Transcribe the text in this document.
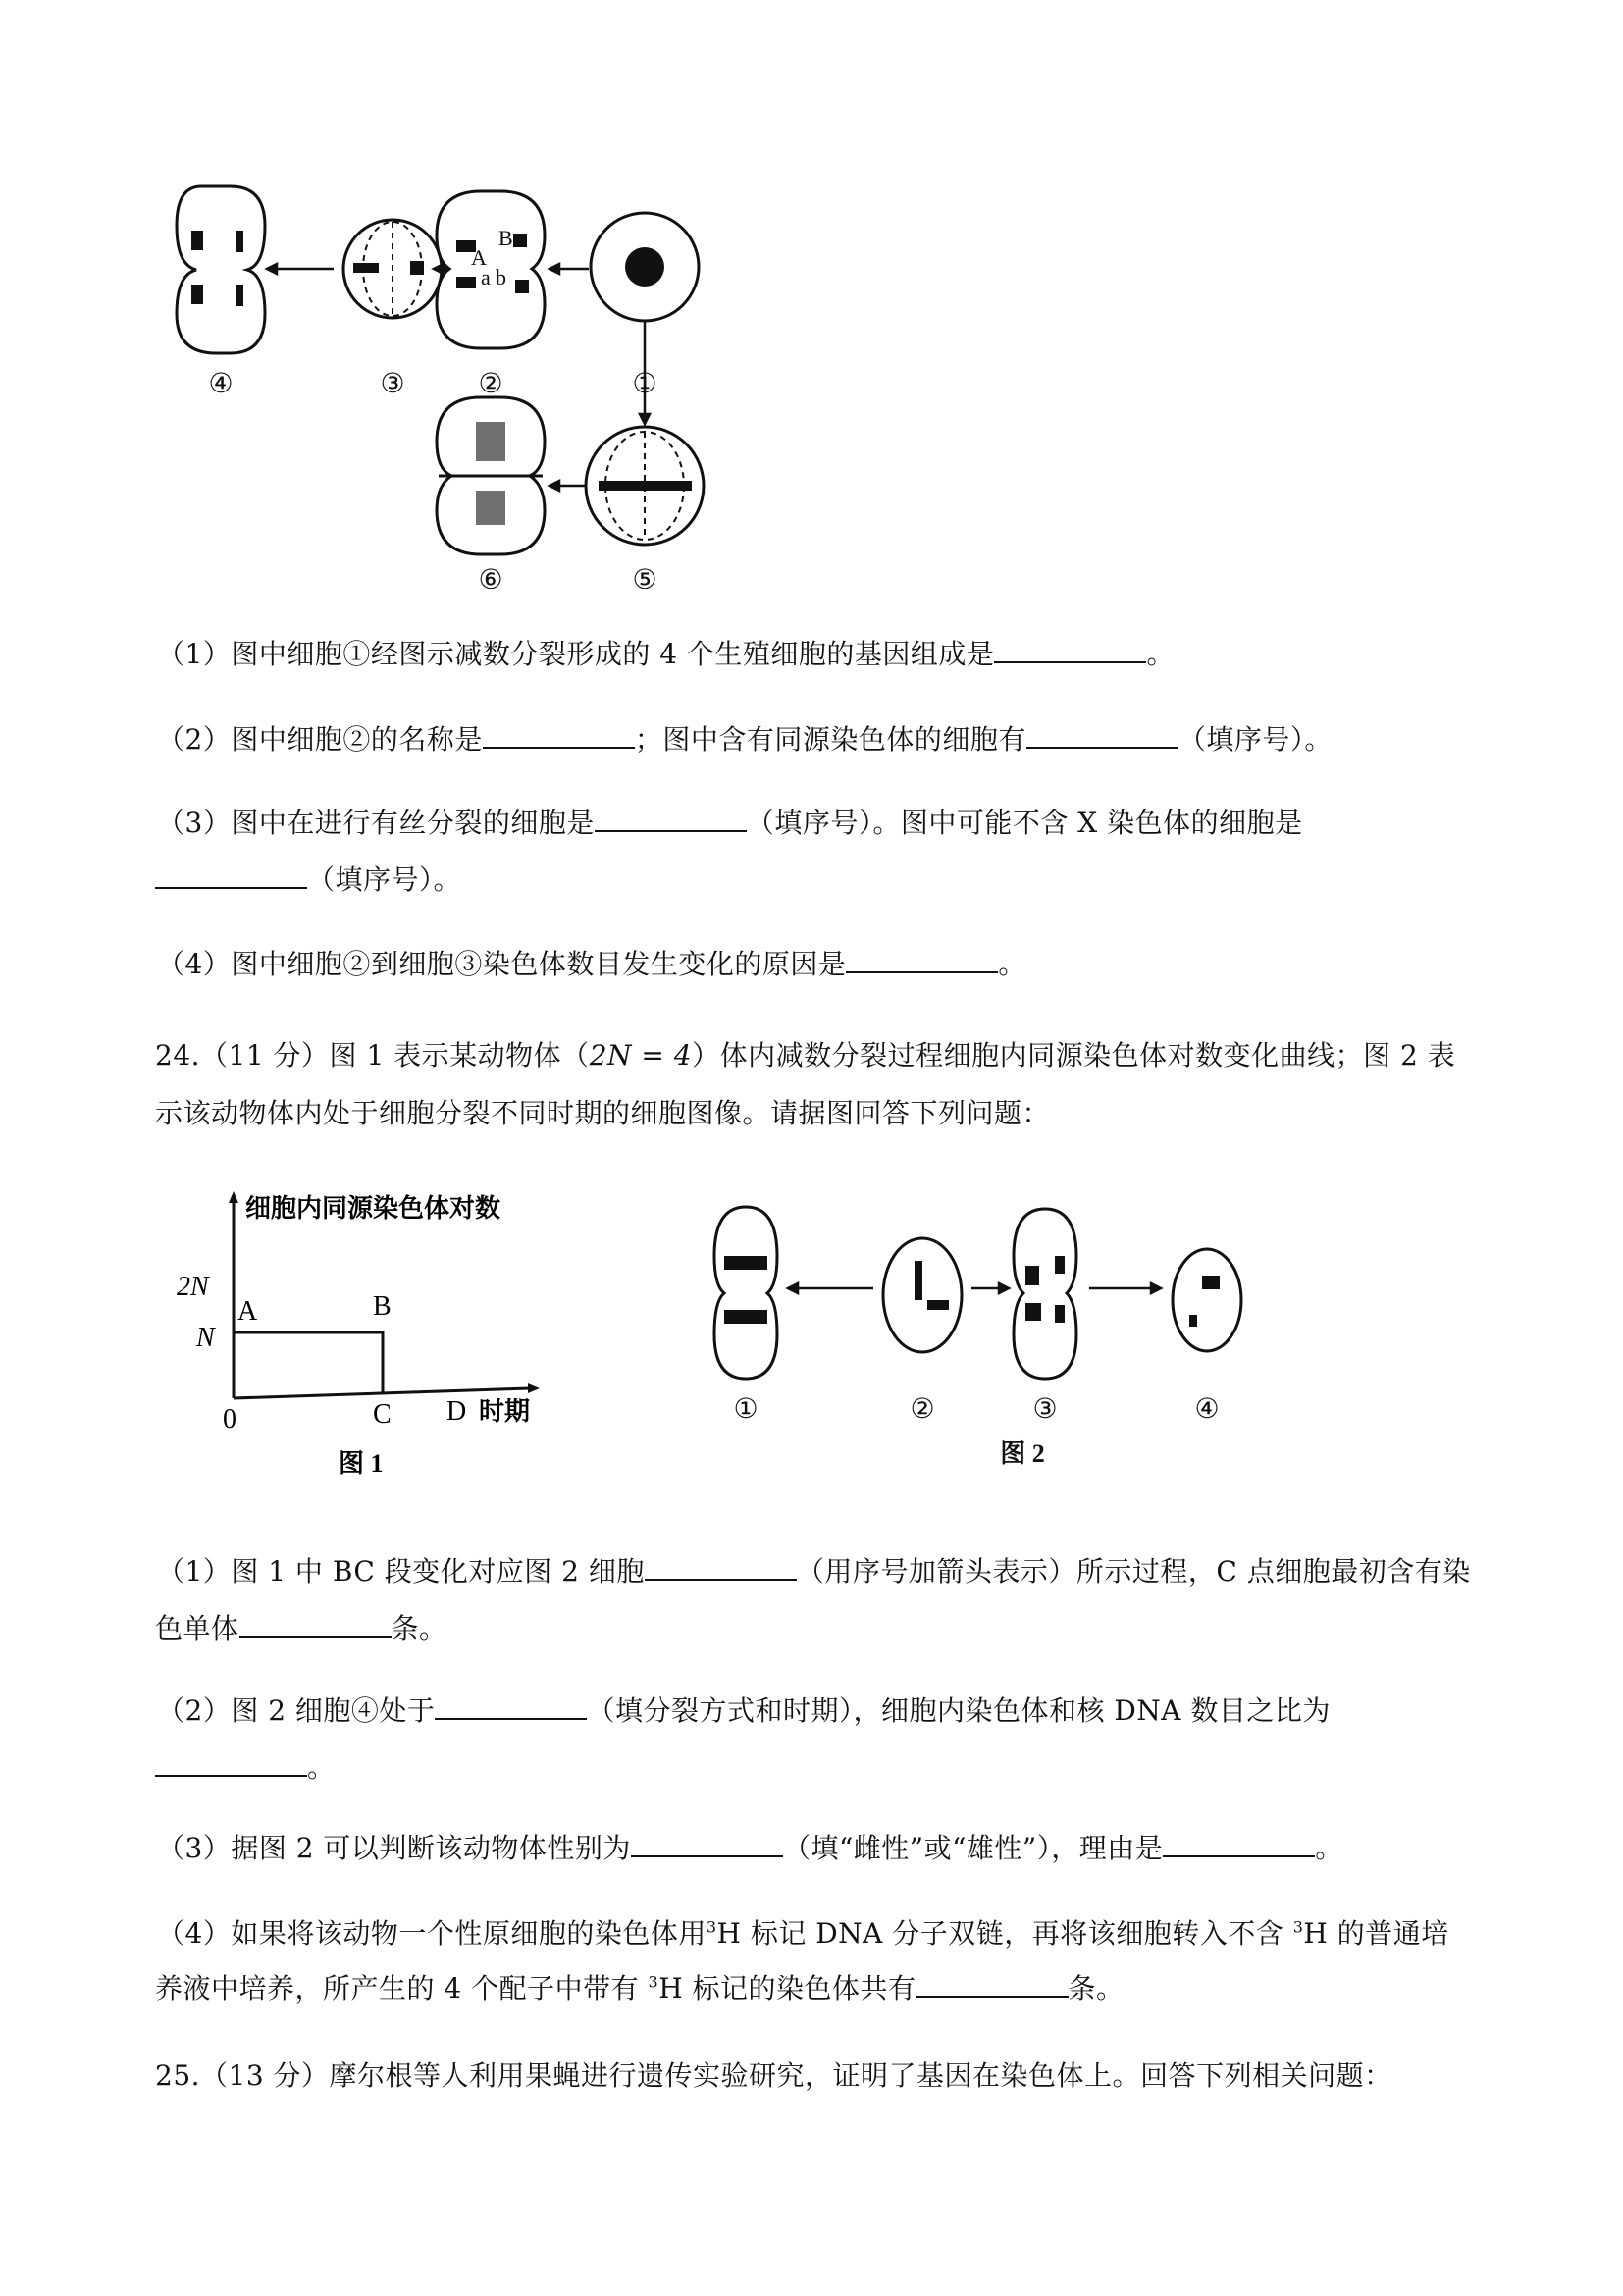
A
B
a b
④	③	②	①
⑥	⑤
（1）图中细胞①经图示减数分裂形成的 4 个生殖细胞的基因组成是	。
（2）图中细胞②的名称是	；图中含有同源染色体的细胞有	（填序号）。
（3）图中在进行有丝分裂的细胞是	（填序号）。图中可能不含 X 染色体的细胞是
（填序号）。
（4）图中细胞②到细胞③染色体数目发生变化的原因是	。
24.（11 分）图 1 表示某动物体（2N = 4）体内减数分裂过程细胞内同源染色体对数变化曲线；图 2 表
示该动物体内处于细胞分裂不同时期的细胞图像。请据图回答下列问题：
细胞内同源染色体对数
2N
N
0
A	B
C D 时期
图 1
①	②	③	④
图 2
（1）图 1 中 BC 段变化对应图 2 细胞	（用序号加箭头表示）所示过程，C 点细胞最初含有染
色单体	条。
（2）图 2 细胞④处于	（填分裂方式和时期），细胞内染色体和核 DNA 数目之比为
。
（3）据图 2 可以判断该动物体性别为	（填“雌性”或“雄性”），理由是	。
（4）如果将该动物一个性原细胞的染色体用$^3$H 标记 DNA 分子双链，再将该细胞转入不含 $^3$H 的普通培
养液中培养，所产生的 4 个配子中带有 $^3$H 标记的染色体共有	条。
25.（13 分）摩尔根等人利用果蝇进行遗传实验研究，证明了基因在染色体上。回答下列相关问题：
